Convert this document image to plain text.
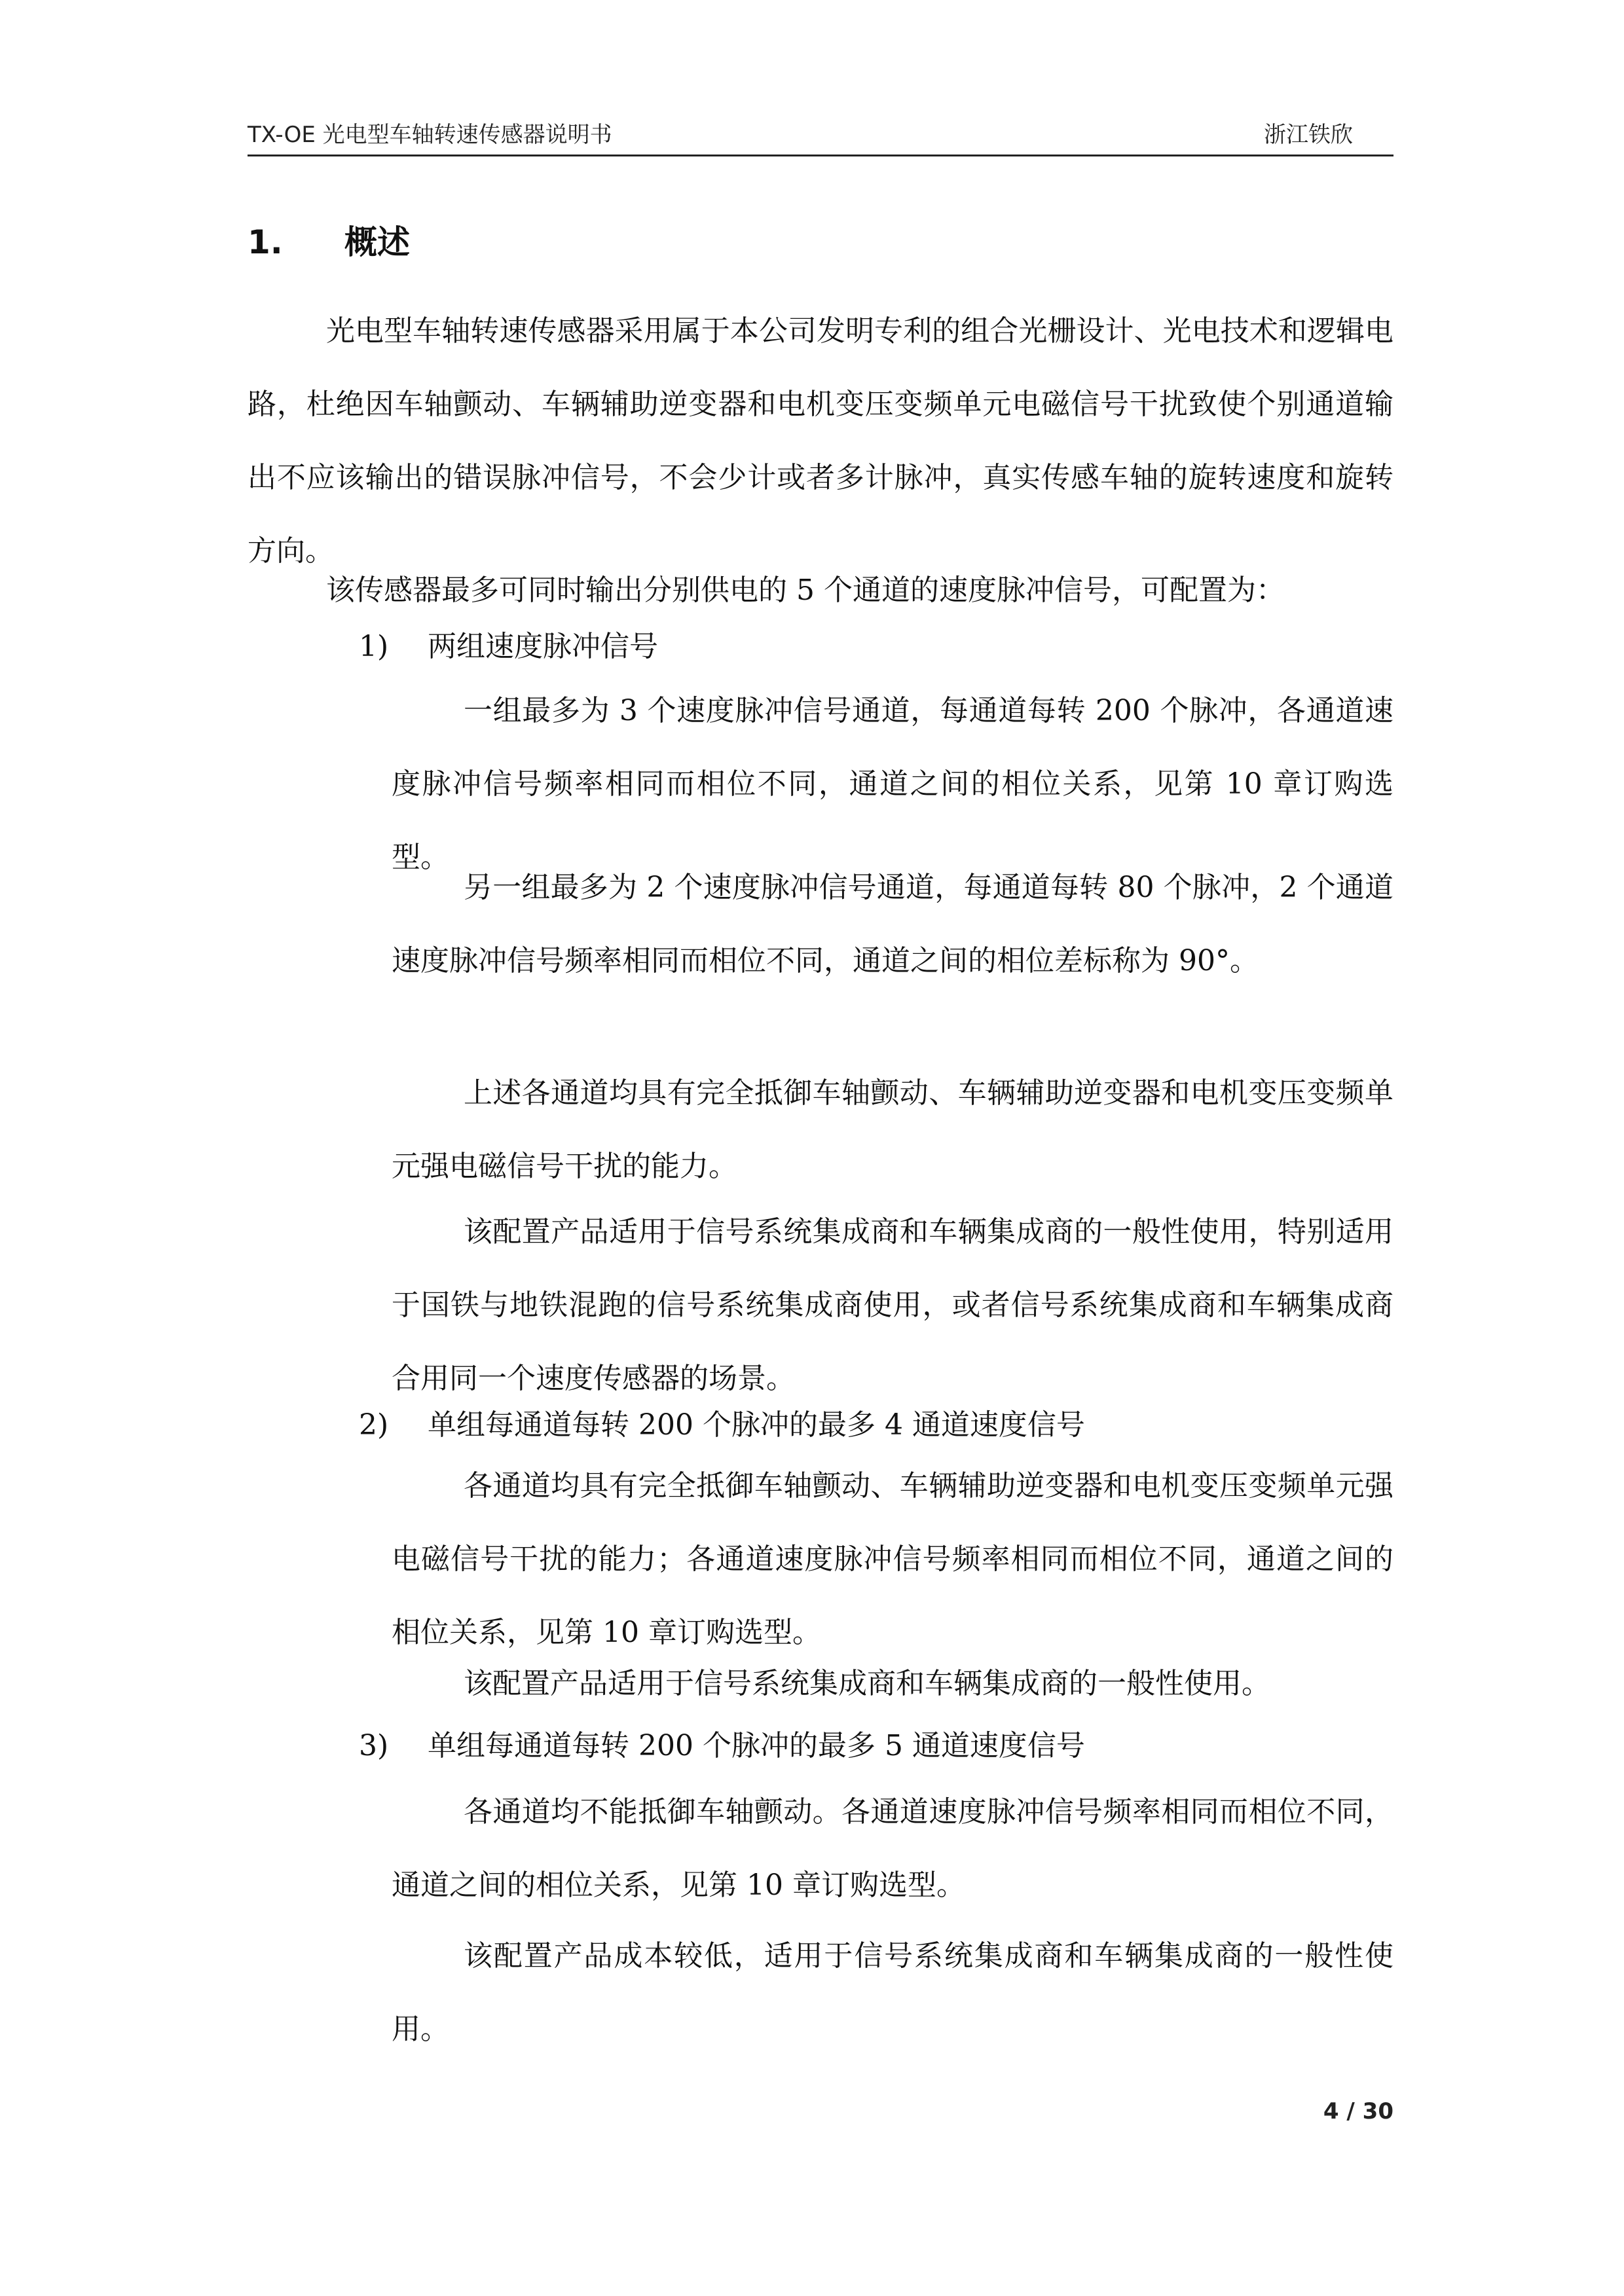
TX-OE 光电型车轴转速传感器说明书	浙江铁欣
1. 概述

光电型车轴转速传感器采用属于本公司发明专利的组合光栅设计、光电技术和逻辑电路，杜绝因车轴颤动、车辆辅助逆变器和电机变压变频单元电磁信号干扰致使个别通道输出不应该输出的错误脉冲信号，不会少计或者多计脉冲，真实传感车轴的旋转速度和旋转方向。

该传感器最多可同时输出分别供电的 5 个通道的速度脉冲信号，可配置为：

1) 两组速度脉冲信号

一组最多为 3 个速度脉冲信号通道，每通道每转 200 个脉冲，各通道速度脉冲信号频率相同而相位不同，通道之间的相位关系，见第 10 章订购选型。

另一组最多为 2 个速度脉冲信号通道，每通道每转 80 个脉冲，2 个通道速度脉冲信号频率相同而相位不同，通道之间的相位差标称为 90°。

上述各通道均具有完全抵御车轴颤动、车辆辅助逆变器和电机变压变频单元强电磁信号干扰的能力。

该配置产品适用于信号系统集成商和车辆集成商的一般性使用，特别适用于国铁与地铁混跑的信号系统集成商使用，或者信号系统集成商和车辆集成商合用同一个速度传感器的场景。

2) 单组每通道每转 200 个脉冲的最多 4 通道速度信号

各通道均具有完全抵御车轴颤动、车辆辅助逆变器和电机变压变频单元强电磁信号干扰的能力；各通道速度脉冲信号频率相同而相位不同，通道之间的相位关系，见第 10 章订购选型。

该配置产品适用于信号系统集成商和车辆集成商的一般性使用。

3) 单组每通道每转 200 个脉冲的最多 5 通道速度信号

各通道均不能抵御车轴颤动。各通道速度脉冲信号频率相同而相位不同，通道之间的相位关系，见第 10 章订购选型。

该配置产品成本较低，适用于信号系统集成商和车辆集成商的一般性使用。

4 / 30
